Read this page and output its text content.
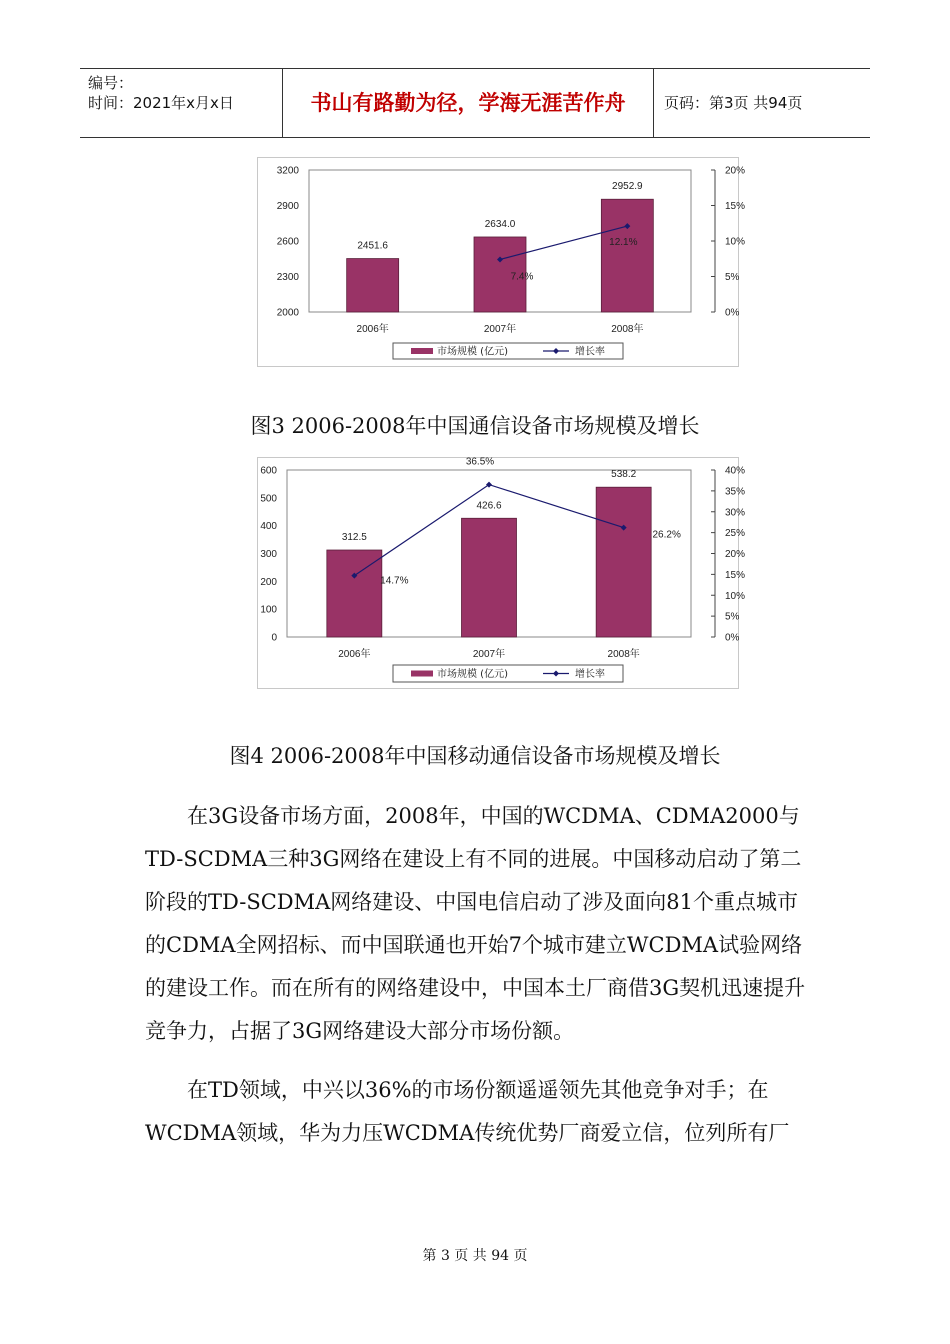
编号：
时间：2021年x月x日	书山有路勤为径，学海无涯苦作舟	页码：第3页 共94页
2000
2300
2600
2900
3200
0%
5%
10%
15%
20%
2451.6
2006年
2634.0
2007年
2952.9
2008年
7.4%
12.1%
市场规模 (亿元)	增长率
图3 2006-2008年中国通信设备市场规模及增长
0
100
200
300
400
500
600
0%
5%
10%
15%
20%
25%
30%
35%
40%
312.5
2006年
426.6
2007年
538.2
2008年
14.7%
36.5%
26.2%
市场规模 (亿元)	增长率
图4 2006-2008年中国移动通信设备市场规模及增长

在3G设备市场方面，2008年，中国的WCDMA、CDMA2000与TD-SCDMA三种3G网络在建设上有不同的进展。中国移动启动了第二阶段的TD-SCDMA网络建设、中国电信启动了涉及面向81个重点城市的CDMA全网招标、而中国联通也开始7个城市建立WCDMA试验网络的建设工作。而在所有的网络建设中，中国本土厂商借3G契机迅速提升竞争力，占据了3G网络建设大部分市场份额。

在TD领域，中兴以36%的市场份额遥遥领先其他竞争对手；在WCDMA领域，华为力压WCDMA传统优势厂商爱立信，位列所有厂

第 3 页 共 94 页
